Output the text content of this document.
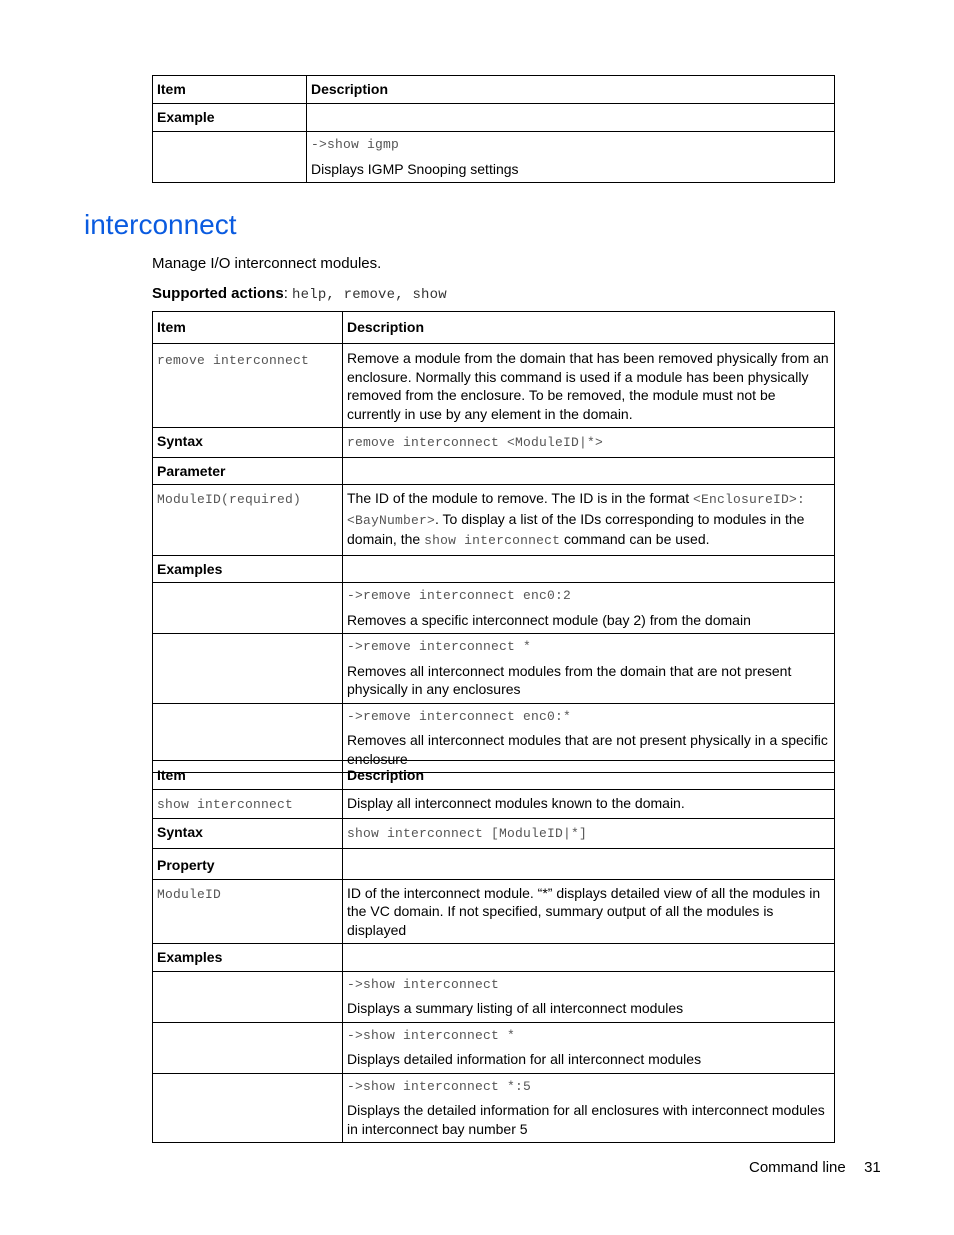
Item	Description
Example	

	->show igmp
Displays IGMP Snooping settings
interconnect
Manage I/O interconnect modules.
Supported actions: help, remove, show
Item	Description
remove interconnect	Remove a module from the domain that has been removed physically from an enclosure. Normally this command is used if a module has been physically removed from the enclosure. To be removed, the module must not be currently in use by any element in the domain.
Syntax	remove interconnect <ModuleID|*>
Parameter	
ModuleID(required)	The ID of the module to remove. The ID is in the format <EnclosureID>:<BayNumber>. To display a list of the IDs corresponding to modules in the domain, the show interconnect command can be used.
Examples	

	->remove interconnect enc0:2
Removes a specific interconnect module (bay 2) from the domain

	->remove interconnect *
Removes all interconnect modules from the domain that are not present physically in any enclosures

	->remove interconnect enc0:*
Removes all interconnect modules that are not present physically in a specific enclosure
Item	Description
show interconnect	Display all interconnect modules known to the domain.
Syntax	show interconnect [ModuleID|*]
Property	
ModuleID	ID of the interconnect module. “*” displays detailed view of all the modules in the VC domain. If not specified, summary output of all the modules is displayed
Examples	

	->show interconnect
Displays a summary listing of all interconnect modules

	->show interconnect *
Displays detailed information for all interconnect modules

	->show interconnect *:5
Displays the detailed information for all enclosures with interconnect modules in interconnect bay number 5
Command line 31
